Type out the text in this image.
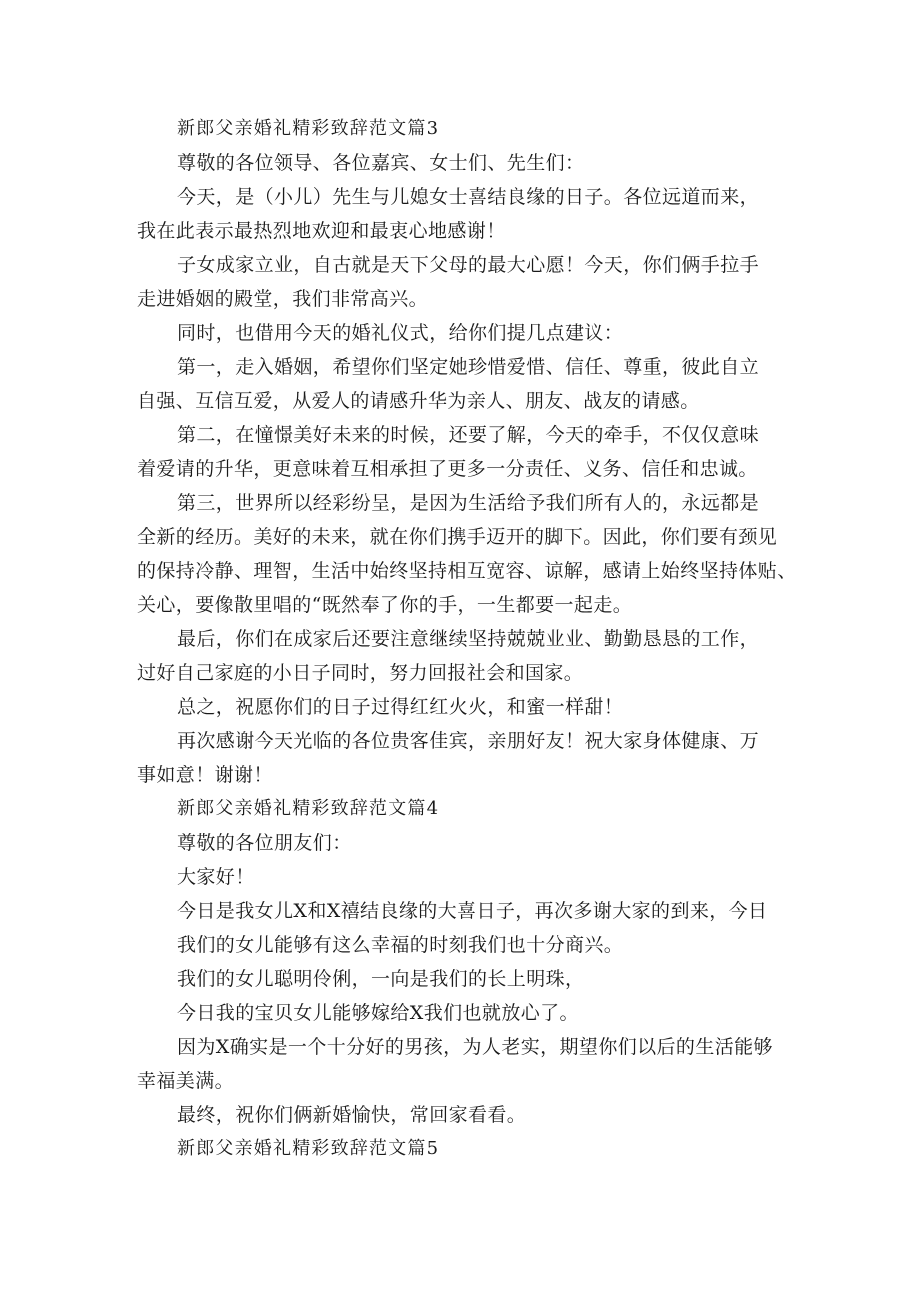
新郎父亲婚礼精彩致辞范文篇3
尊敬的各位领导、各位嘉宾、女士们、先生们：
今天，是（小儿）先生与儿媳女士喜结良缘的日子。各位远道而来，
我在此表示最热烈地欢迎和最衷心地感谢！
子女成家立业，自古就是天下父母的最大心愿！今天，你们俩手拉手
走进婚姻的殿堂，我们非常高兴。
同时，也借用今天的婚礼仪式，给你们提几点建议：
第一，走入婚姻，希望你们坚定她珍惜爱惜、信任、尊重，彼此自立
自强、互信互爱，从爱人的请感升华为亲人、朋友、战友的请感。
第二，在憧憬美好未来的时候，还要了解，今天的牵手，不仅仅意味
着爱请的升华，更意味着互相承担了更多一分责任、义务、信任和忠诚。
第三，世界所以经彩纷呈，是因为生活给予我们所有人的，永远都是
全新的经历。美好的未来，就在你们携手迈开的脚下。因此，你们要有颈见
的保持冷静、理智，生活中始终坚持相互宽容、谅解，感请上始终坚持体贴、
关心，要像散里唱的“既然奉了你的手，一生都要一起走。
最后，你们在成家后还要注意继续坚持兢兢业业、勤勤恳恳的工作，
过好自己家庭的小日子同时，努力回报社会和国家。
总之，祝愿你们的日子过得红红火火，和蜜一样甜！
再次感谢今天光临的各位贵客佳宾，亲朋好友！祝大家身体健康、万
事如意！谢谢！
新郎父亲婚礼精彩致辞范文篇4
尊敬的各位朋友们：
大家好！
今日是我女儿X和X禧结良缘的大喜日子，再次多谢大家的到来，今日
我们的女儿能够有这么幸福的时刻我们也十分商兴。
我们的女儿聪明伶俐，一向是我们的长上明珠，
今日我的宝贝女儿能够嫁给X我们也就放心了。
因为X确实是一个十分好的男孩，为人老实，期望你们以后的生活能够
幸福美满。
最终，祝你们俩新婚愉快，常回家看看。
新郎父亲婚礼精彩致辞范文篇5
